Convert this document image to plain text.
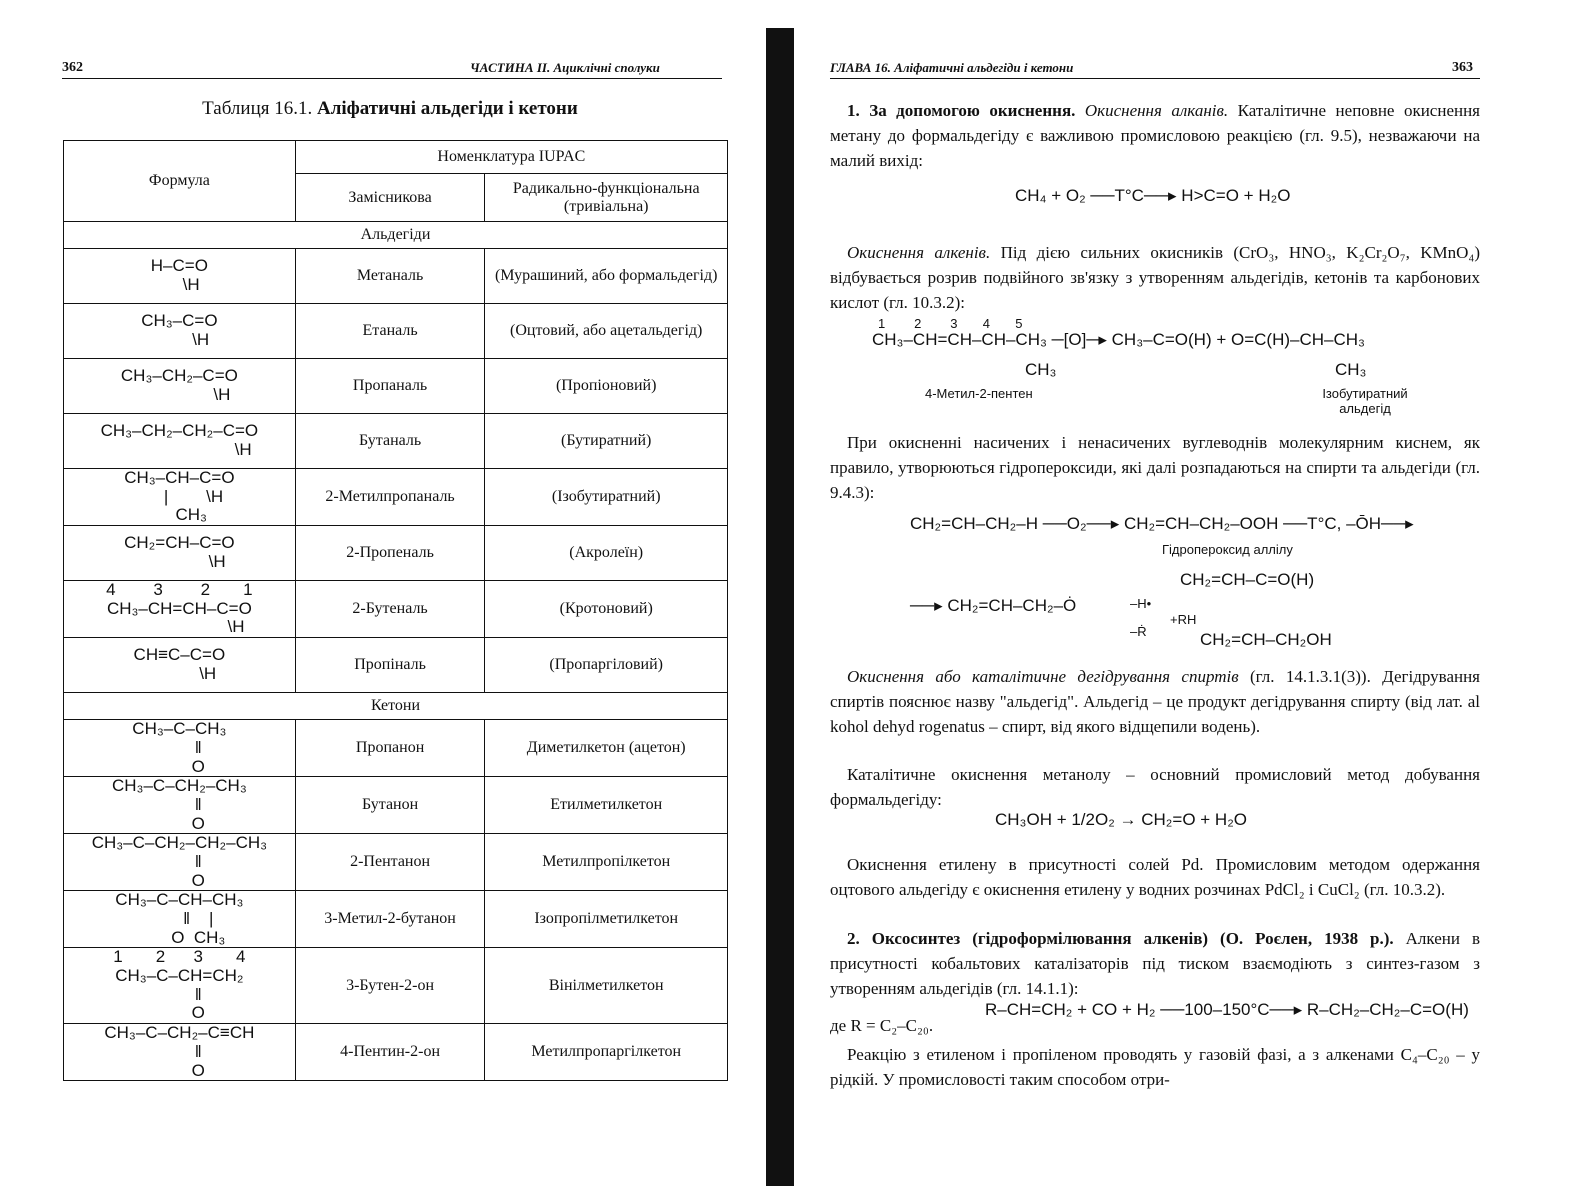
362	ЧАСТИНА II. Ациклічні сполуки
Таблиця 16.1. Аліфатичні альдегіди і кетони
Формула	Номенклатура IUPAC	
	Замісникова	Радикально-функціональна (тривіальна)
Альдегіди		
H–C=O
\H	Метаналь	(Мурашиний, або формальдегід)
CH₃–C=O
\H	Етаналь	(Оцтовий, або ацетальдегід)
CH₃–CH₂–C=O
\H	Пропаналь	(Пропіоновий)
CH₃–CH₂–CH₂–C=O
\H	Бутаналь	(Бутиратний)
CH₃–CH–C=O
|        \H
CH₃	2-Метилпропаналь	(Ізобутиратний)
CH₂=CH–C=O
\H	2-Пропеналь	(Акролеїн)
4        3        2       1
CH₃–CH=CH–C=O
\H	2-Бутеналь	(Кротоновий)
CH≡C–C=O
\H	Пропіналь	(Пропаргіловий)
Кетони		
CH₃–C–CH₃
‖
O	Пропанон	Диметилкетон (ацетон)
CH₃–C–CH₂–CH₃
‖
O	Бутанон	Етилметилкетон
CH₃–C–CH₂–CH₂–CH₃
‖
O	2-Пентанон	Метилпропілкетон
CH₃–C–CH–CH₃
‖    |
O  CH₃	3-Метил-2-бутанон	Ізопропілметилкетон
1       2      3       4
CH₃–C–CH=CH₂
‖
O	3-Бутен-2-он	Вінілметилкетон
CH₃–C–CH₂–C≡CH
‖
O	4-Пентин-2-он	Метилпропаргілкетон
ГЛАВА 16. Аліфатичні альдегіди і кетони	363
 1. За допомогою окиснення. Окиснення алканів. Каталітичне неповне окиснення метану до формальдегіду є важливою промисловою реакцією (гл. 9.5), незважаючи на малий вихід:
CH₄ + O₂ ──T°C──▸ H>C=O + H₂O
 Окиснення алкенів. Під дією сильних окисників (CrO₃, HNO₃, K₂Cr₂O₇, KMnO₄) відбувається розрив подвійного зв'язку з утворенням альдегідів, кетонів та карбонових кислот (гл. 10.3.2):
1        2        3       4       5
CH₃–CH=CH–CH–CH₃ ─[O]─▸ CH₃–C=O(H) + O=C(H)–CH–CH₃
CH₃	CH₃
4-Метил-2-пентен	Ізобутиратний альдегід
 При окисненні насичених і ненасичених вуглеводнів молекулярним киснем, як правило, утворюються гідропероксиди, які далі розпадаються на спирти та альдегіди (гл. 9.4.3):
CH₂=CH–CH₂–H ──O₂──▸ CH₂=CH–CH₂–OOH ──T°C, –ŌH──▸
Гідропероксид аллілу
CH₂=CH–C=O(H)
──▸ CH₂=CH–CH₂–Ȯ	–H•
+RH
–Ṙ	CH₂=CH–CH₂OH
 Окиснення або каталітичне дегідрування спиртів (гл. 14.1.3.1(3)). Дегідрування спиртів пояснює назву "альдегід". Альдегід – це продукт дегідрування спирту (від лат. al kohol dehyd rogenatus – спирт, від якого відщепили водень).
 Каталітичне окиснення метанолу – основний промисловий метод добування формальдегіду:
CH₃OH + 1/2O₂ → CH₂=O + H₂O
 Окиснення етилену в присутності солей Pd. Промисловим методом одержання оцтового альдегіду є окиснення етилену у водних розчинах PdCl₂ і CuCl₂ (гл. 10.3.2).
 2. Оксосинтез (гідроформілювання алкенів) (О. Роєлен, 1938 р.). Алкени в присутності кобальтових каталізаторів під тиском взаємодіють з синтез-газом з утворенням альдегідів (гл. 14.1.1):
R–CH=CH₂ + CO + H₂ ──100–150°C──▸ R–CH₂–CH₂–C=O(H)
де R = C₂–C₂₀.
 Реакцію з етиленом і пропіленом проводять у газовій фазі, а з алкенами C₄–C₂₀ – у рідкій. У промисловості таким способом отри-
